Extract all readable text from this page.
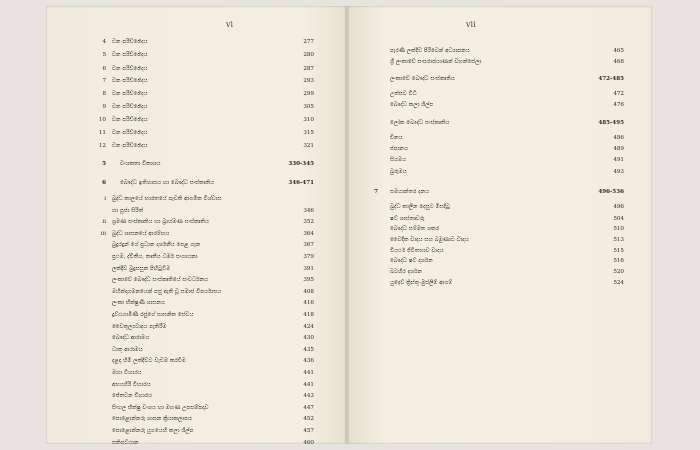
vi
4 වන පරිච්ඡේදය	277
5 වන පරිච්ඡේදය	280
6 වන පරිච්ඡේදය	287
7 වන පරිච්ඡේදය	293
8 වන පරිච්ඡේදය	299
9 වන පරිච්ඡේදය	305
10 වන පරිච්ඡේදය	310
11 වන පරිච්ඡේදය	315
12 වන පරිච්ඡේදය	321
5	වංශකතා විකාශය	330-345
6	බෞද්ධ ඉතිහාසය හා බෞද්ධ සංස්කෘතිය	346-471
i බුද්ධ කාලයේ භාරතයේ පැවති ආගමික විශ්වාස
හා පූජා සිරිත්	346
ii ශ්‍රමණ සංස්කෘතිය හා බ්‍රාහ්මණ සංස්කෘතිය	352
iii බුද්ධ ශාසනයේ ආරම්භය	364
බුදුරදුන් ගේ ප්‍රධාන දර්ශනීය පෙළ ගැන	367
ප්‍රථම, ද්විතීය, තෘතීය ධර්ම සංගායනා	379
ලක්දිව බුදුසසුන පිහිටුවීම	391
ලංකාවේ බෞද්ධ සංස්කෘතියේ සංවර්ධනය	395
මහින්දාගමනයෙන් පසු ඇති වූ සමාජ විපර්යාසය	408
ලංකා භික්ෂුණී ශාසනය	416
දුට්ඨගාමිණී රජුගේ සාසනික සේවය	418
වෛතුල්‍යවාදය පැතිරීම	424
බෞද්ධ ආරාමය	430
ධාතු ආරාමය	435
දළදා හිමි ලක්දිවට වැඩම කරවීම	436
මහා විහාරය	441
අභයගිරි විහාරය	441
ජේතවන විහාරය	443
සිංහල භික්ෂු වංශය හා මහණ උපසම්පදාව	447
පොළොන්නරු ශාසන ක්‍රියාකලාපය	452
පොළොන්නරු යුගයෙහි කලා ශිල්ප	457
සතිපට්ඨාන	460
vii
පැරණි ලක්දිව පිරිවෙන් අධ්‍යාපනය	465
ශ්‍රී ලංකාවේ සංඝරාජයාණන් වහන්සේලා	468
ලංකාවේ බෞද්ධ සංස්කෘතිය	472-485
උත්සව විධි	472
බෞද්ධ කලා ශිල්ප	476
ලෝක බෞද්ධ සංස්කෘතිය	485-495
චීනය	486
ජපානය	489
සියමය	491
බුරුමය	493
7 සමයාන්තර දනය	496-536
බුද්ධ කාලීන දෙසුට මිසදිටු	496
ෂට් ශාස්තෘවරු	504
බෞද්ධ සම්මත ශකර	510
වෛදික වාදය සහ බමුණාට වාදය	513
වියර්ථ ජිවිතභාව වාදය	515
බෞද්ධ ෂට් දර්ශන	516
බටහිර දර්ශන	520
යුදෙව් ක්‍රිස්තු-මුස්ලිම් ආගම්	524
